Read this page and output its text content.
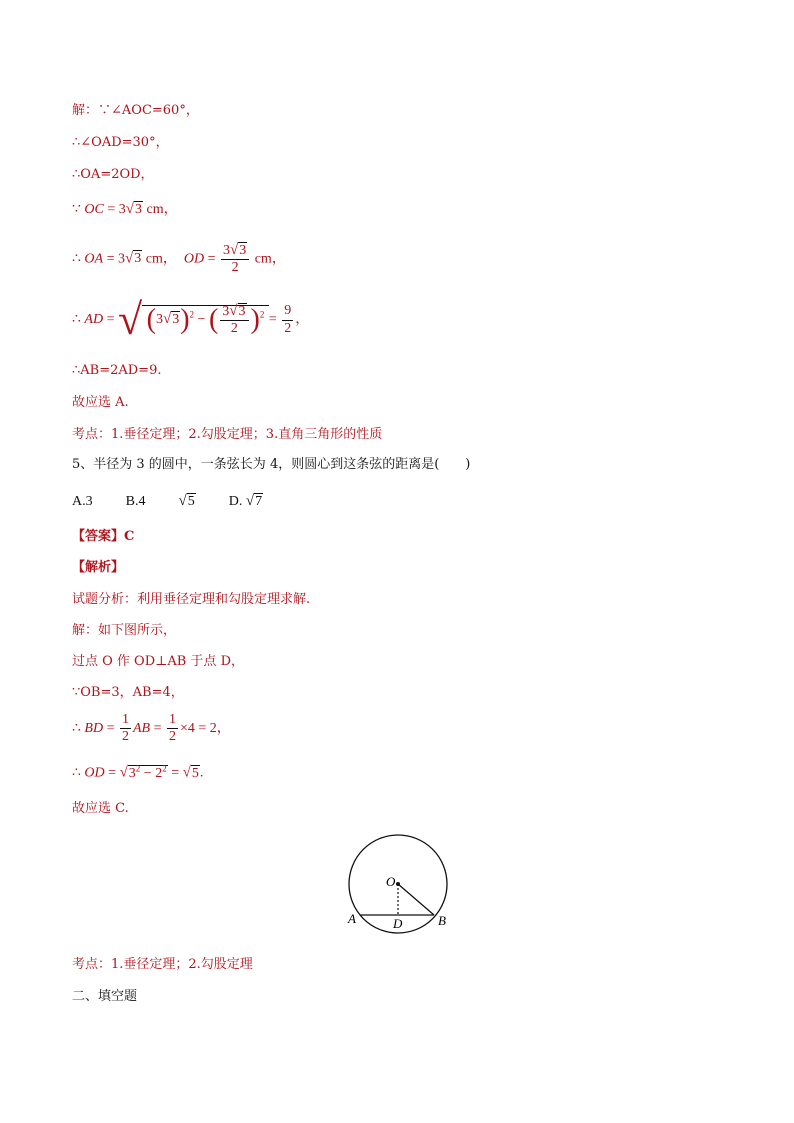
解：∵∠AOC=60°，
∴∠OAD=30°，
∴OA=2OD，
∵ OC = 3√3 cm，
∴ OA = 3√3 cm， OD = $\frac{3√3}{2}$ cm，
∴ AD = √ $(3√3)^2$ − ( $\frac{3√3}{2} )^2 = \frac{9}{2}$ ，
∴AB=2AD=9.
故应选 A.
考点：1.垂径定理；2.勾股定理；3.直角三角形的性质
5、半径为 3 的圆中，一条弦长为 4，则圆心到这条弦的距离是(　　)
A.3 B.4 √5 D. √7
【答案】C
【解析】
试题分析：利用垂径定理和勾股定理求解.
解：如下图所示，
过点 O 作 OD⊥AB 于点 D，
∵OB=3，AB=4，
∴ BD = $\frac{1}{2}$ AB = $\frac{1}{2} \times 4 = 2$，
∴ OD = $√3^2 - 2^2 = √5$.
故应选 C.
O
A	B
D
考点：1.垂径定理；2.勾股定理
二、填空题
